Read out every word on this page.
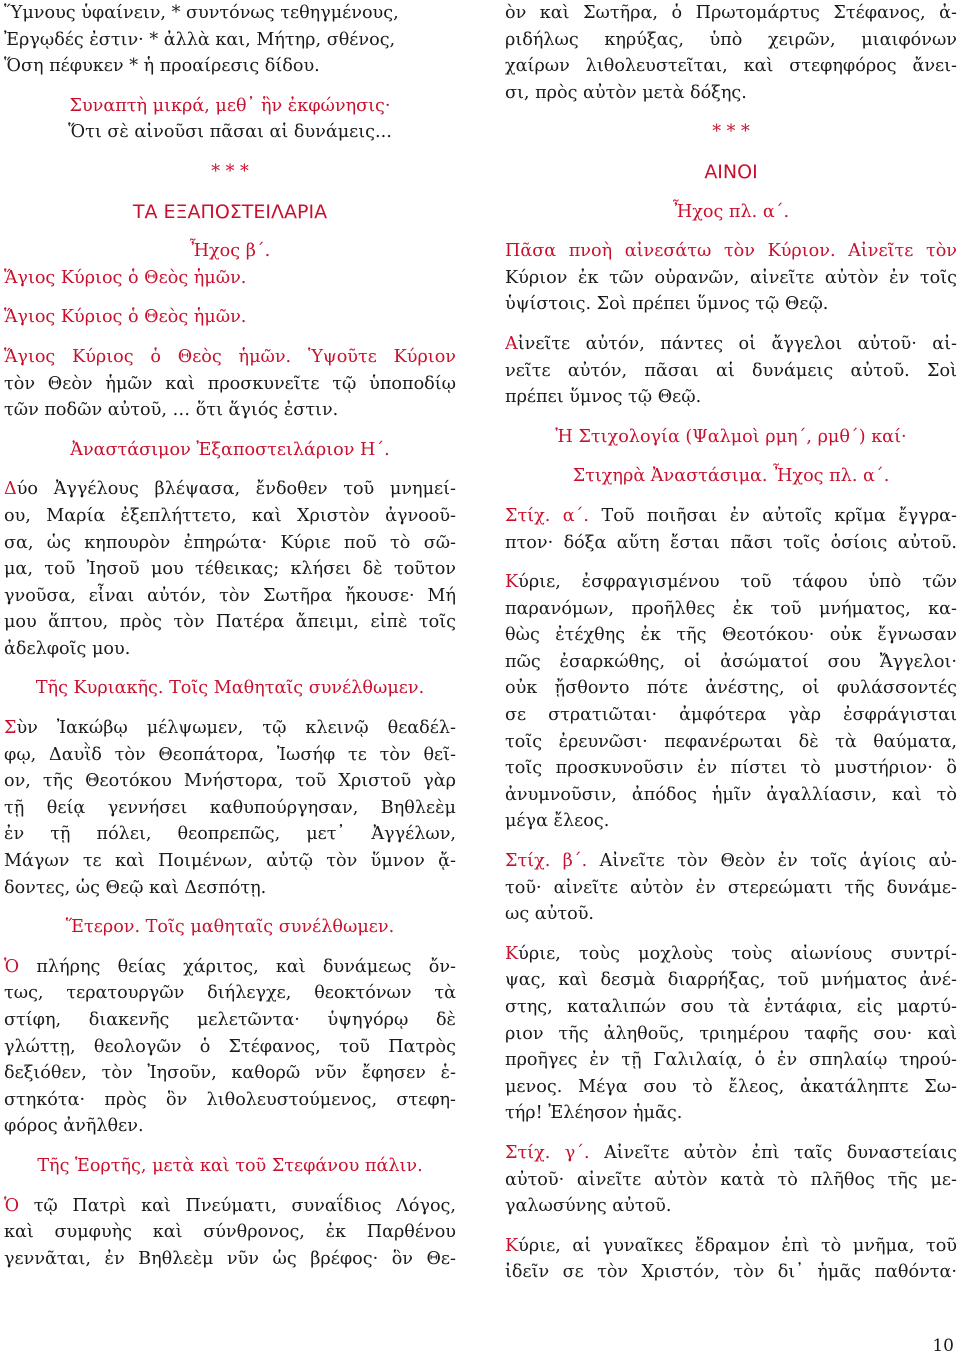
Ὕμνους ὑφαίνειν, * συντόνως τεθηγμένους,
Ἐργῳδές ἐστιν· * ἀλλὰ και, Μήτηρ, σθένος,
Ὅση πέφυκεν * ἡ προαίρεσις δίδου.
Συναπτὴ μικρά, μεθ᾽ ἣν ἐκφώνησις·
Ὅτι σὲ αἰνοῦσι πᾶσαι αἱ δυνάμεις...
* * *
ΤΑ ΕΞΑΠΟΣΤΕΙΛΑΡΙΑ
Ἦχος β΄.
Ἅγιος Κύριος ὁ Θεὸς ἡμῶν.
Ἅγιος Κύριος ὁ Θεὸς ἡμῶν.
Ἅγιος Κύριος ὁ Θεὸς ἡμῶν. Ὑψοῦτε Κύριον
τὸν Θεὸν ἡμῶν καὶ προσκυνεῖτε τῷ ὑποποδίῳ
τῶν ποδῶν αὐτοῦ, … ὅτι ἅγιός ἐστιν.
Ἀναστάσιμον Ἐξαποστειλάριον Η΄.
Δύο Ἀγγέλους βλέψασα, ἔνδοθεν τοῦ μνημεί-
ου, Μαρία ἐξεπλήττετο, καὶ Χριστὸν ἀγνοοῦ-
σα, ὡς κηπουρὸν ἐπηρώτα· Κύριε ποῦ τὸ σῶ-
μα, τοῦ Ἰησοῦ μου τέθεικας; κλήσει δὲ τοῦτον
γνοῦσα, εἶναι αὐτόν, τὸν Σωτῆρα ἤκουσε· Μή
μου ἅπτου, πρὸς τὸν Πατέρα ἄπειμι, εἰπὲ τοῖς
ἀδελφοῖς μου.
Τῆς Κυριακῆς. Τοῖς Μαθηταῖς συνέλθωμεν.
Σὺν Ἰακώβῳ μέλψωμεν, τῷ κλεινῷ θεαδέλ-
φῳ, Δαυῒδ τὸν Θεοπάτορα, Ἰωσήφ τε τὸν θεῖ-
ον, τῆς Θεοτόκου Μνήστορα, τοῦ Χριστοῦ γὰρ
τῇ θείᾳ γεννήσει καθυπούργησαν, Βηθλεὲμ
ἐν τῇ πόλει, θεοπρεπῶς, μετ᾽ Ἀγγέλων,
Μάγων τε καὶ Ποιμένων, αὐτῷ τὸν ὕμνον ᾄ-
δοντες, ὡς Θεῷ καὶ Δεσπότῃ.
Ἕτερον. Τοῖς μαθηταῖς συνέλθωμεν.
Ὁ πλήρης θείας χάριτος, καὶ δυνάμεως ὄν-
τως, τερατουργῶν διήλεγχε, θεοκτόνων τὰ
στίφη, διακενῆς μελετῶντα· ὑψηγόρῳ δὲ
γλώττῃ, θεολογῶν ὁ Στέφανος, τοῦ Πατρὸς
δεξιόθεν, τὸν Ἰησοῦν, καθορῶ νῦν ἔφησεν ἑ-
στηκότα· πρὸς ὃν λιθολευστούμενος, στεφη-
φόρος ἀνῆλθεν.
Τῆς Ἑορτῆς, μετὰ καὶ τοῦ Στεφάνου πάλιν.
Ὁ τῷ Πατρὶ καὶ Πνεύματι, συναΐδιος Λόγος,
καὶ συμφυὴς καὶ σύνθρονος, ἐκ Παρθένου
γεννᾶται, ἐν Βηθλεὲμ νῦν ὡς βρέφος· ὃν Θε-
ὸν καὶ Σωτῆρα, ὁ Πρωτομάρτυς Στέφανος, ἀ-
ριδήλως κηρύξας, ὑπὸ χειρῶν, μιαιφόνων
χαίρων λιθολευστεῖται, καὶ στεφηφόρος ἄνει-
σι, πρὸς αὐτὸν μετὰ δόξης.
* * *
ΑΙΝΟΙ
Ἦχος πλ. α΄.
Πᾶσα πνοὴ αἰνεσάτω τὸν Κύριον. Αἰνεῖτε τὸν
Κύριον ἐκ τῶν οὐρανῶν, αἰνεῖτε αὐτὸν ἐν τοῖς
ὑψίστοις. Σοὶ πρέπει ὕμνος τῷ Θεῷ.
Αἰνεῖτε αὐτόν, πάντες οἱ ἄγγελοι αὐτοῦ· αἰ-
νεῖτε αὐτόν, πᾶσαι αἱ δυνάμεις αὐτοῦ. Σοὶ
πρέπει ὕμνος τῷ Θεῷ.
Ἡ Στιχολογία (Ψαλμοὶ ρμη΄, ρμθ΄) καί·
Στιχηρὰ Ἀναστάσιμα. Ἦχος πλ. α΄.
Στίχ. α΄. Τοῦ ποιῆσαι ἐν αὐτοῖς κρῖμα ἔγγρα-
πτον· δόξα αὕτη ἔσται πᾶσι τοῖς ὁσίοις αὐτοῦ.
Κύριε, ἐσφραγισμένου τοῦ τάφου ὑπὸ τῶν
παρανόμων, προῆλθες ἐκ τοῦ μνήματος, κα-
θὼς ἐτέχθης ἐκ τῆς Θεοτόκου· οὐκ ἔγνωσαν
πῶς ἐσαρκώθης, οἱ ἀσώματοί σου Ἄγγελοι·
οὐκ ᾔσθοντο πότε ἀνέστης, οἱ φυλάσσοντές
σε στρατιῶται· ἀμφότερα γὰρ ἐσφράγισται
τοῖς ἐρευνῶσι· πεφανέρωται δὲ τὰ θαύματα,
τοῖς προσκυνοῦσιν ἐν πίστει τὸ μυστήριον· ὃ
ἀνυμνοῦσιν, ἀπόδος ἡμῖν ἀγαλλίασιν, καὶ τὸ
μέγα ἔλεος.
Στίχ. β΄. Αἰνεῖτε τὸν Θεὸν ἐν τοῖς ἁγίοις αὐ-
τοῦ· αἰνεῖτε αὐτὸν ἐν στερεώματι τῆς δυνάμε-
ως αὐτοῦ.
Κύριε, τοὺς μοχλοὺς τοὺς αἰωνίους συντρί-
ψας, καὶ δεσμὰ διαρρήξας, τοῦ μνήματος ἀνέ-
στης, καταλιπών σου τὰ ἐντάφια, εἰς μαρτύ-
ριον τῆς ἀληθοῦς, τριημέρου ταφῆς σου· καὶ
προῆγες ἐν τῇ Γαλιλαίᾳ, ὁ ἐν σπηλαίῳ τηρού-
μενος. Μέγα σου τὸ ἔλεος, ἀκατάληπτε Σω-
τήρ! Ἐλέησον ἡμᾶς.
Στίχ. γ΄. Αἰνεῖτε αὐτὸν ἐπὶ ταῖς δυναστείαις
αὐτοῦ· αἰνεῖτε αὐτὸν κατὰ τὸ πλῆθος τῆς με-
γαλωσύνης αὐτοῦ.
Κύριε, αἱ γυναῖκες ἔδραμον ἐπὶ τὸ μνῆμα, τοῦ
ἰδεῖν σε τὸν Χριστόν, τὸν δι᾽ ἡμᾶς παθόντα·
10
